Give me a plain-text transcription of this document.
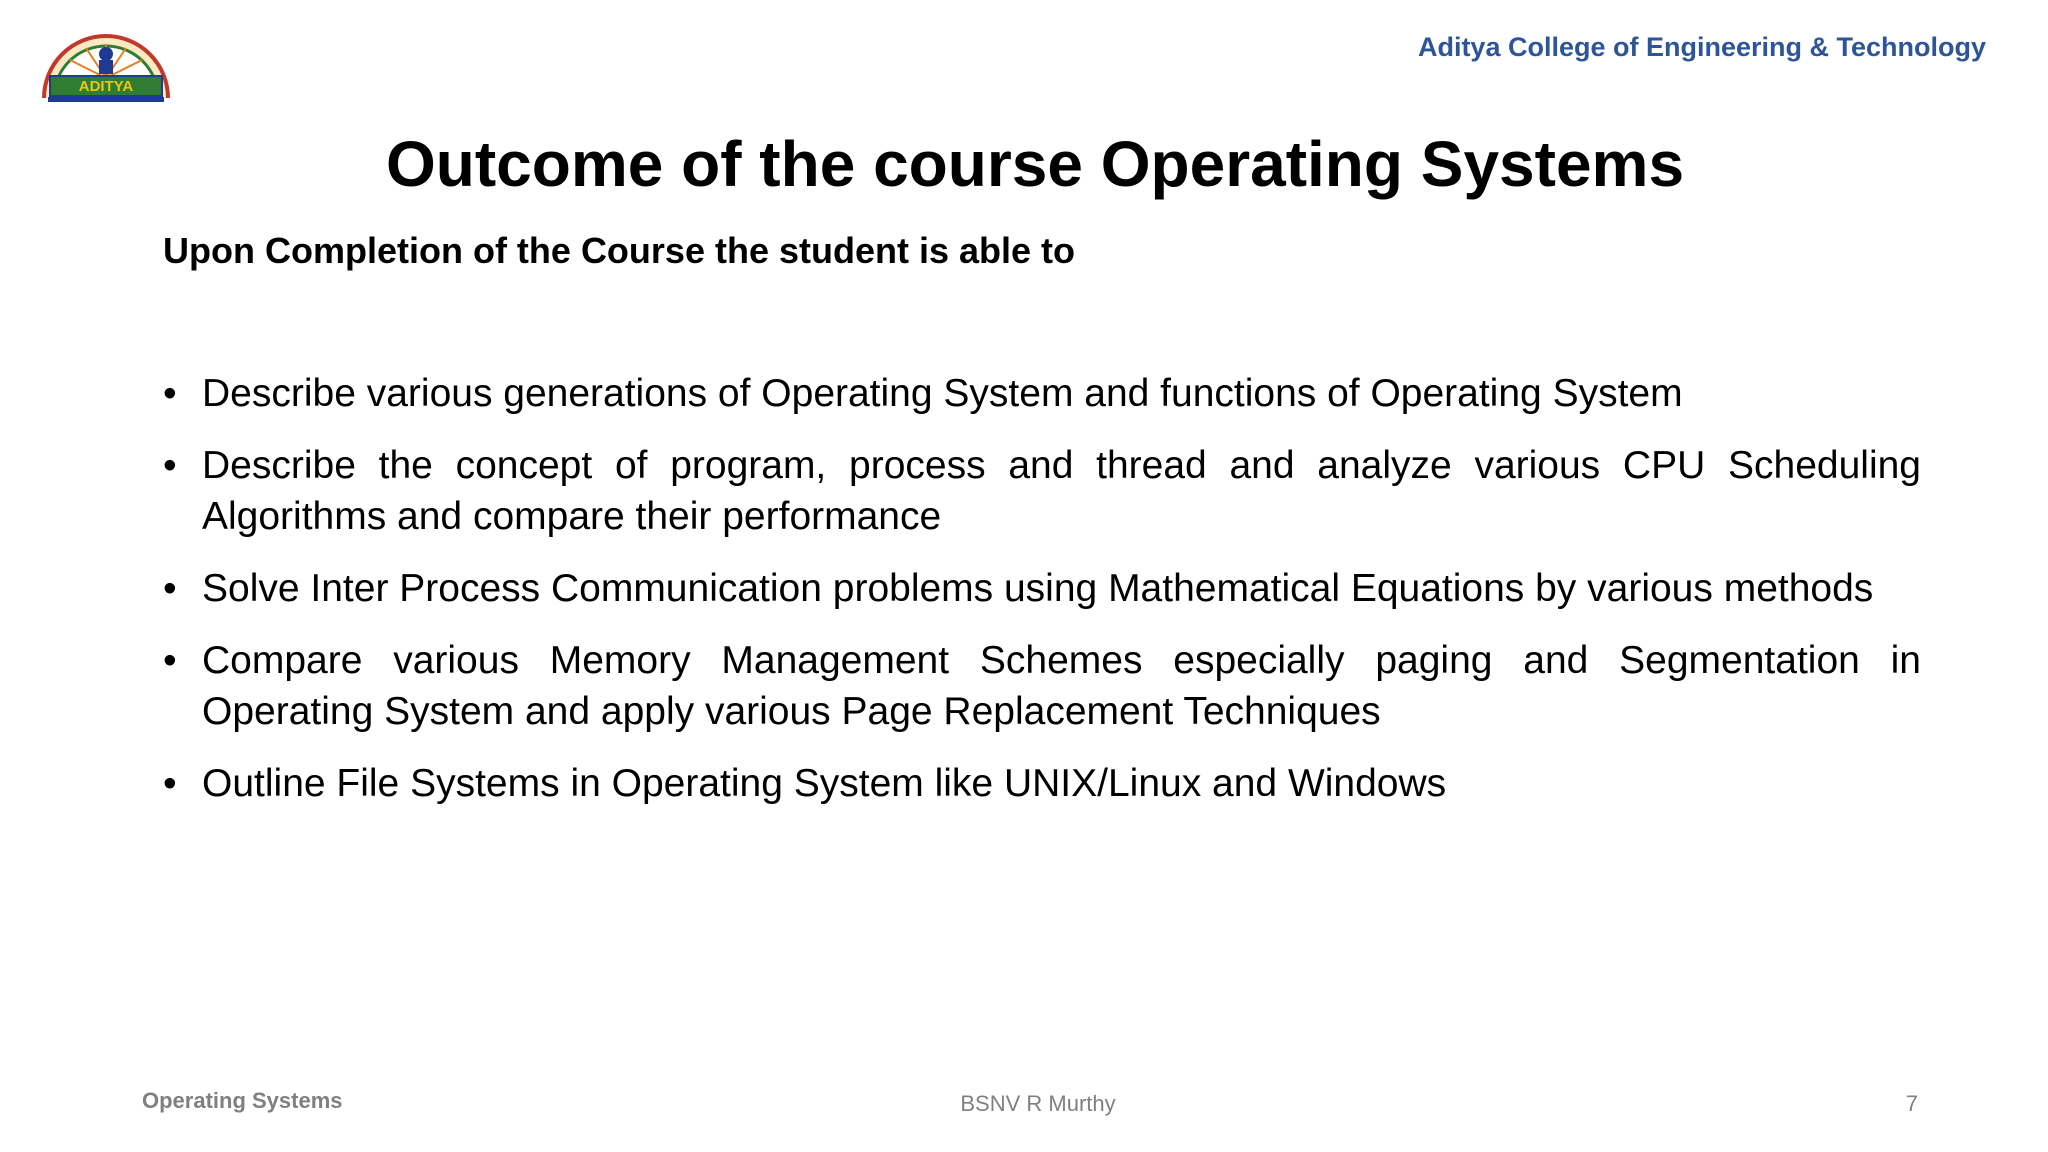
ADITYA
Aditya College of Engineering & Technology
Outcome of the course Operating Systems
Upon Completion of the Course the student is able to
• Describe various generations of Operating System and functions of Operating System
• Describe the concept of program, process and thread and analyze various CPU Scheduling Algorithms and compare their performance
• Solve Inter Process Communication problems using Mathematical Equations by various methods
• Compare various Memory Management Schemes especially paging and Segmentation in Operating System and apply various Page Replacement Techniques
• Outline File Systems in Operating System like UNIX/Linux and Windows
Operating Systems	BSNV R Murthy	7
